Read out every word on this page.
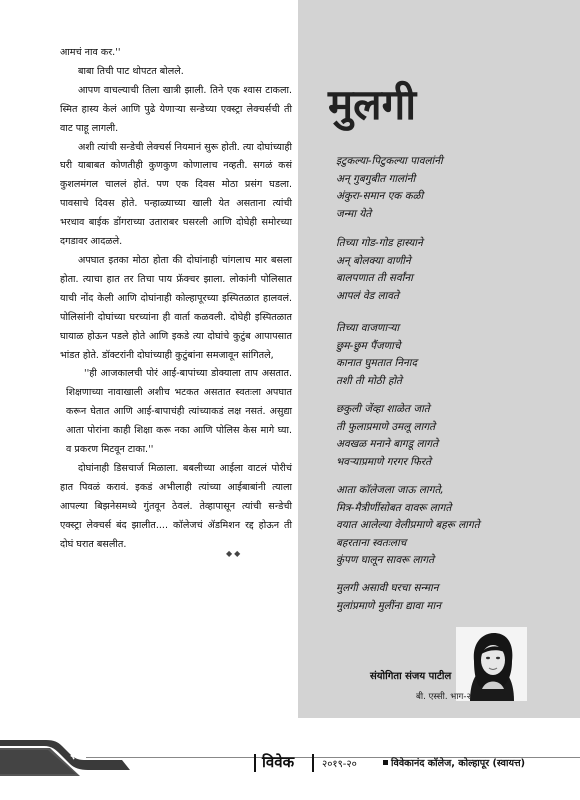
आमचं नाव कर.''

बाबा तिची पाट थोपटत बोलले.

आपण वाचल्याची तिला खात्री झाली. तिने एक श्वास टाकला. स्मित हास्य केलं आणि पुढे येणाऱ्या सन्डेच्या एक्स्ट्रा लेक्चर्सची ती वाट पाहू लागली.

अशी त्यांची सन्डेची लेक्चर्स नियमानं सुरू होती. त्या दोघांच्याही घरी याबाबत कोणतीही कुणकुण कोणालाच नव्हती. सगळं कसं कुशलमंगल चाललं होतं. पण एक दिवस मोठा प्रसंग घडला. पावसाचे दिवस होते. पन्हाळ्याच्या खाली येत असताना त्यांची भरधाव बाईक डोंगराच्या उताराबर घसरली आणि दोघेही समोरच्या दगडावर आदळले.

अपघात इतका मोठा होता की दोघांनाही चांगलाच मार बसला होता. त्याचा हात तर तिचा पाय फ्रॅक्चर झाला. लोकांनी पोलिसात याची नोंद केली आणि दोघांनाही कोल्हापूरच्या इस्पितळात हालवलं. पोलिसांनी दोघांच्या घरच्यांना ही वार्ता कळवली. दोघेही इस्पितळात घायाळ होऊन पडले होते आणि इकडे त्या दोघांचे कुटुंब आपापसात भांडत होते. डॉक्टरांनी दोघांच्याही कुटुंबांना समजावून सांगितले,

''ही आजकालची पोरं आई-बापांच्या डोक्याला ताप असतात. शिक्षणाच्या नावाखाली अशीच भटकत असतात स्वतःला अपघात करून घेतात आणि आई-बापाचंही त्यांच्याकडं लक्ष नसतं. असुद्या आता पोरांना काही शिक्षा करू नका आणि पोलिस केस मागे घ्या. व प्रकरण मिटवून टाका.''

दोघांनाही डिसचार्ज मिळाला. बबलीच्या आईला वाटलं पोरीचं हात पिवळं करावं. इकडं अभीलाही त्यांच्या आईबाबांनी त्याला आपल्या बिझनेसमध्ये गुंतवून ठेवलं. तेव्हापासून त्यांची सन्डेची एक्स्ट्रा लेक्चर्स बंद झालीत.... कॉलेजचं ॲडमिशन रद्द होऊन ती दोघं घरात बसलीत.

◆◆
मुलगी
इटुकल्या-पिटुकल्या पावलांनी
अन् गुबगुबीत गालांनी
अंकुरा-समान एक कळी
जन्मा येते
तिच्या गोड-गोड हास्याने
अन् बोलक्या वाणीने
बालपणात ती सर्वांना
आपलं वेड लावते
तिच्या वाजणाऱ्या
छुम-छुम पैंजणाचे
कानात घुमतात निनाद
तशी ती मोठी होते
छकुली जेंव्हा शाळेत जाते
ती फुलाप्रमाणे उमलू लागते
अवखळ मनाने बागडू लागते
भवऱ्याप्रमाणे गरगर फिरते
आता कॉलेजला जाऊ लागते,
मित्र-मैत्रीणींसोबत वावरू लागते
वयात आलेल्या वेलीप्रमाणे बहरू लागते
बहरताना स्वतःलाच
कुंपण घालून सावरू लागते
मुलगी असावी घरचा सन्मान
मुलांप्रमाणे मुलींना द्यावा मान
संयोगिता संजय पाटील
बी. एस्सी. भाग-२
२४	विवेक	२०१९-२०	विवेकानंद कॉलेज, कोल्हापूर (स्वायत्त)
